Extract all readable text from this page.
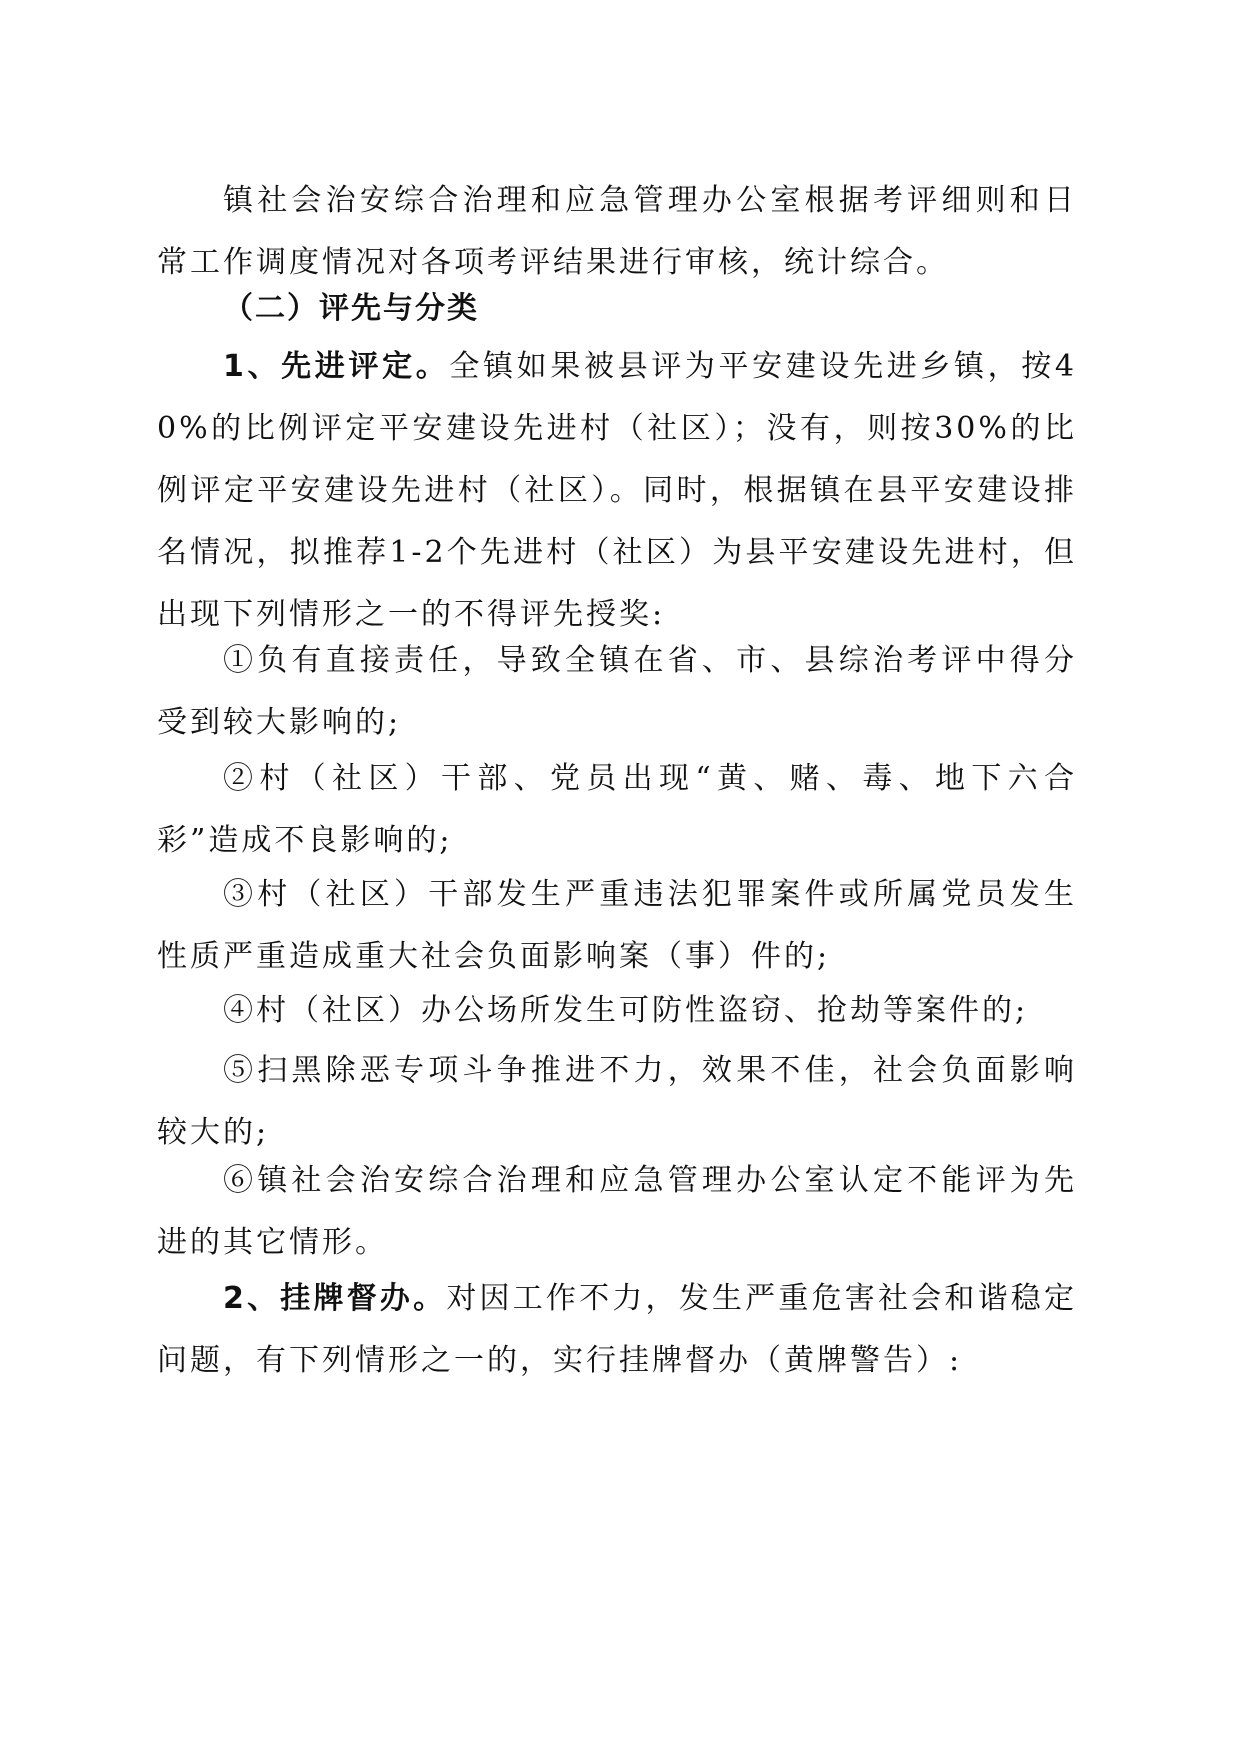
镇社会治安综合治理和应急管理办公室根据考评细则和日常工作调度情况对各项考评结果进行审核，统计综合。

（二）评先与分类

1、先进评定。全镇如果被县评为平安建设先进乡镇，按40%的比例评定平安建设先进村（社区）；没有，则按30%的比例评定平安建设先进村（社区）。同时，根据镇在县平安建设排名情况，拟推荐1-2个先进村（社区）为县平安建设先进村，但出现下列情形之一的不得评先授奖:

①负有直接责任，导致全镇在省、市、县综治考评中得分受到较大影响的;

②村（社区）干部、党员出现“黄、赌、毒、地下六合彩”造成不良影响的;

③村（社区）干部发生严重违法犯罪案件或所属党员发生性质严重造成重大社会负面影响案（事）件的;

④村（社区）办公场所发生可防性盗窃、抢劫等案件的;

⑤扫黑除恶专项斗争推进不力，效果不佳，社会负面影响较大的;

⑥镇社会治安综合治理和应急管理办公室认定不能评为先进的其它情形。

2、挂牌督办。对因工作不力，发生严重危害社会和谐稳定问题，有下列情形之一的，实行挂牌督办（黄牌警告）:
